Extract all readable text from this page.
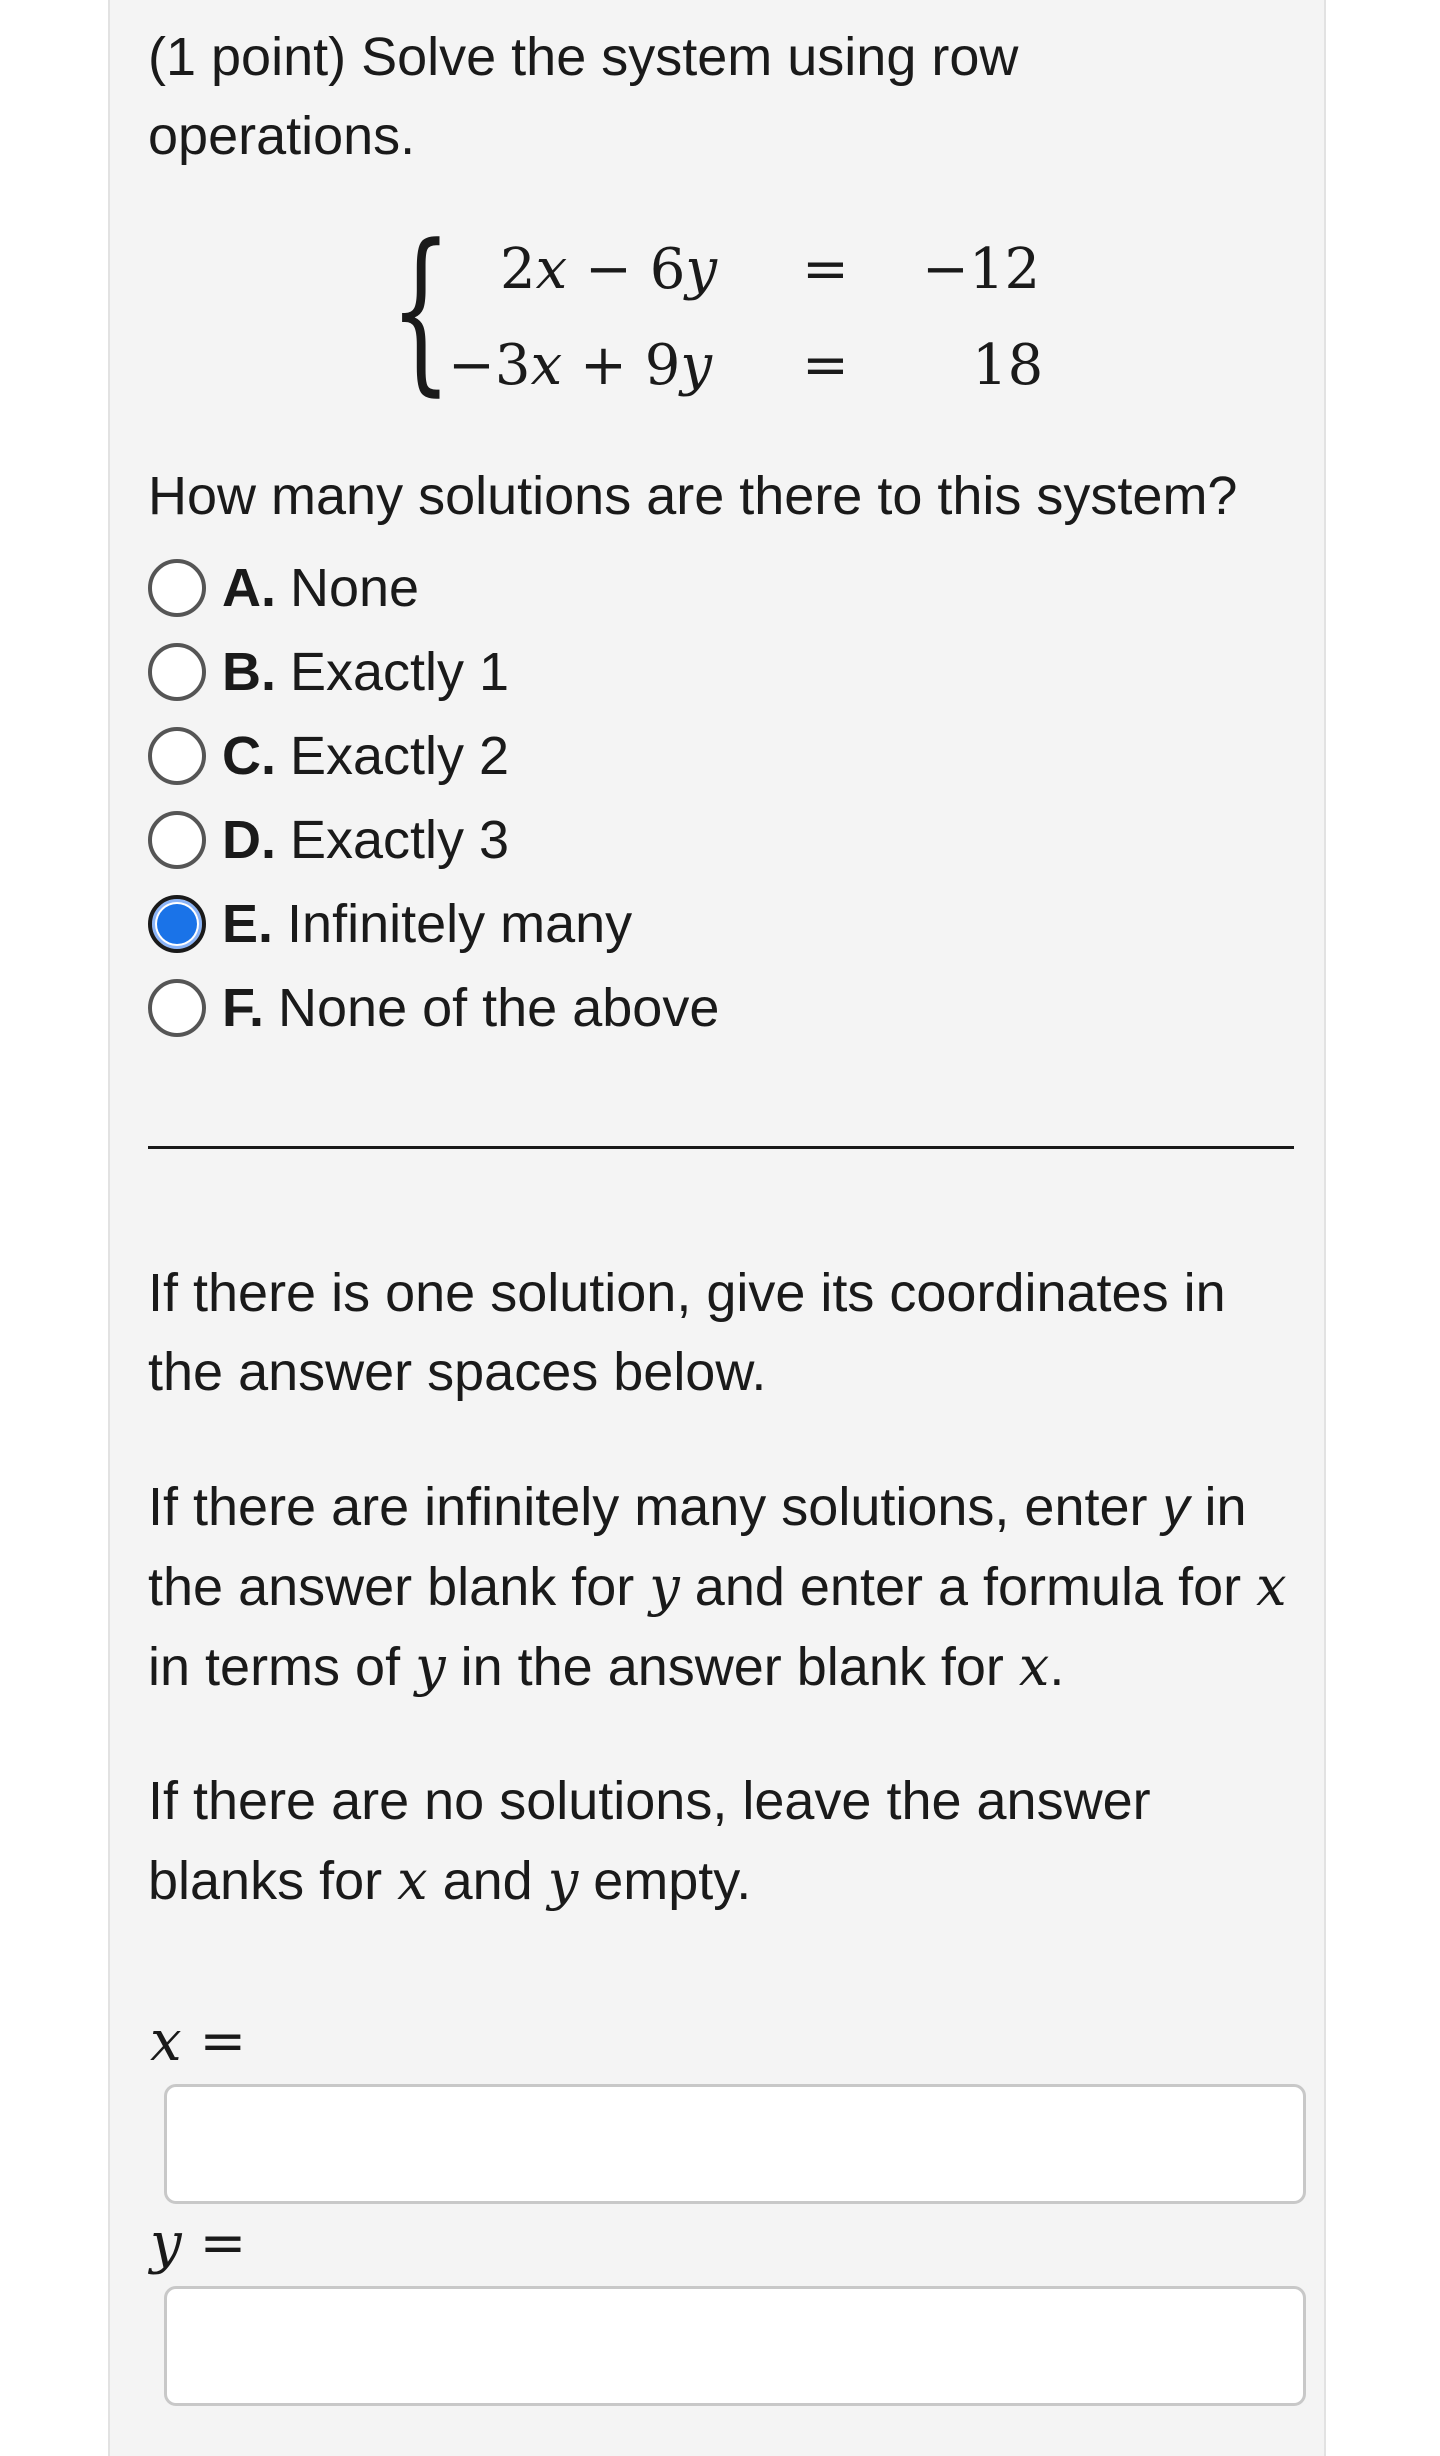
(1 point) Solve the system using row operations.
{ 2x − 6y = −12
−3x + 9y = 18
How many solutions are there to this system?
A. None
B. Exactly 1
C. Exactly 2
D. Exactly 3
E. Infinitely many
F. None of the above
If there is one solution, give its coordinates in the answer spaces below.
If there are infinitely many solutions, enter y in the answer blank for y and enter a formula for x in terms of y in the answer blank for x.
If there are no solutions, leave the answer blanks for x and y empty.
x =
y =
